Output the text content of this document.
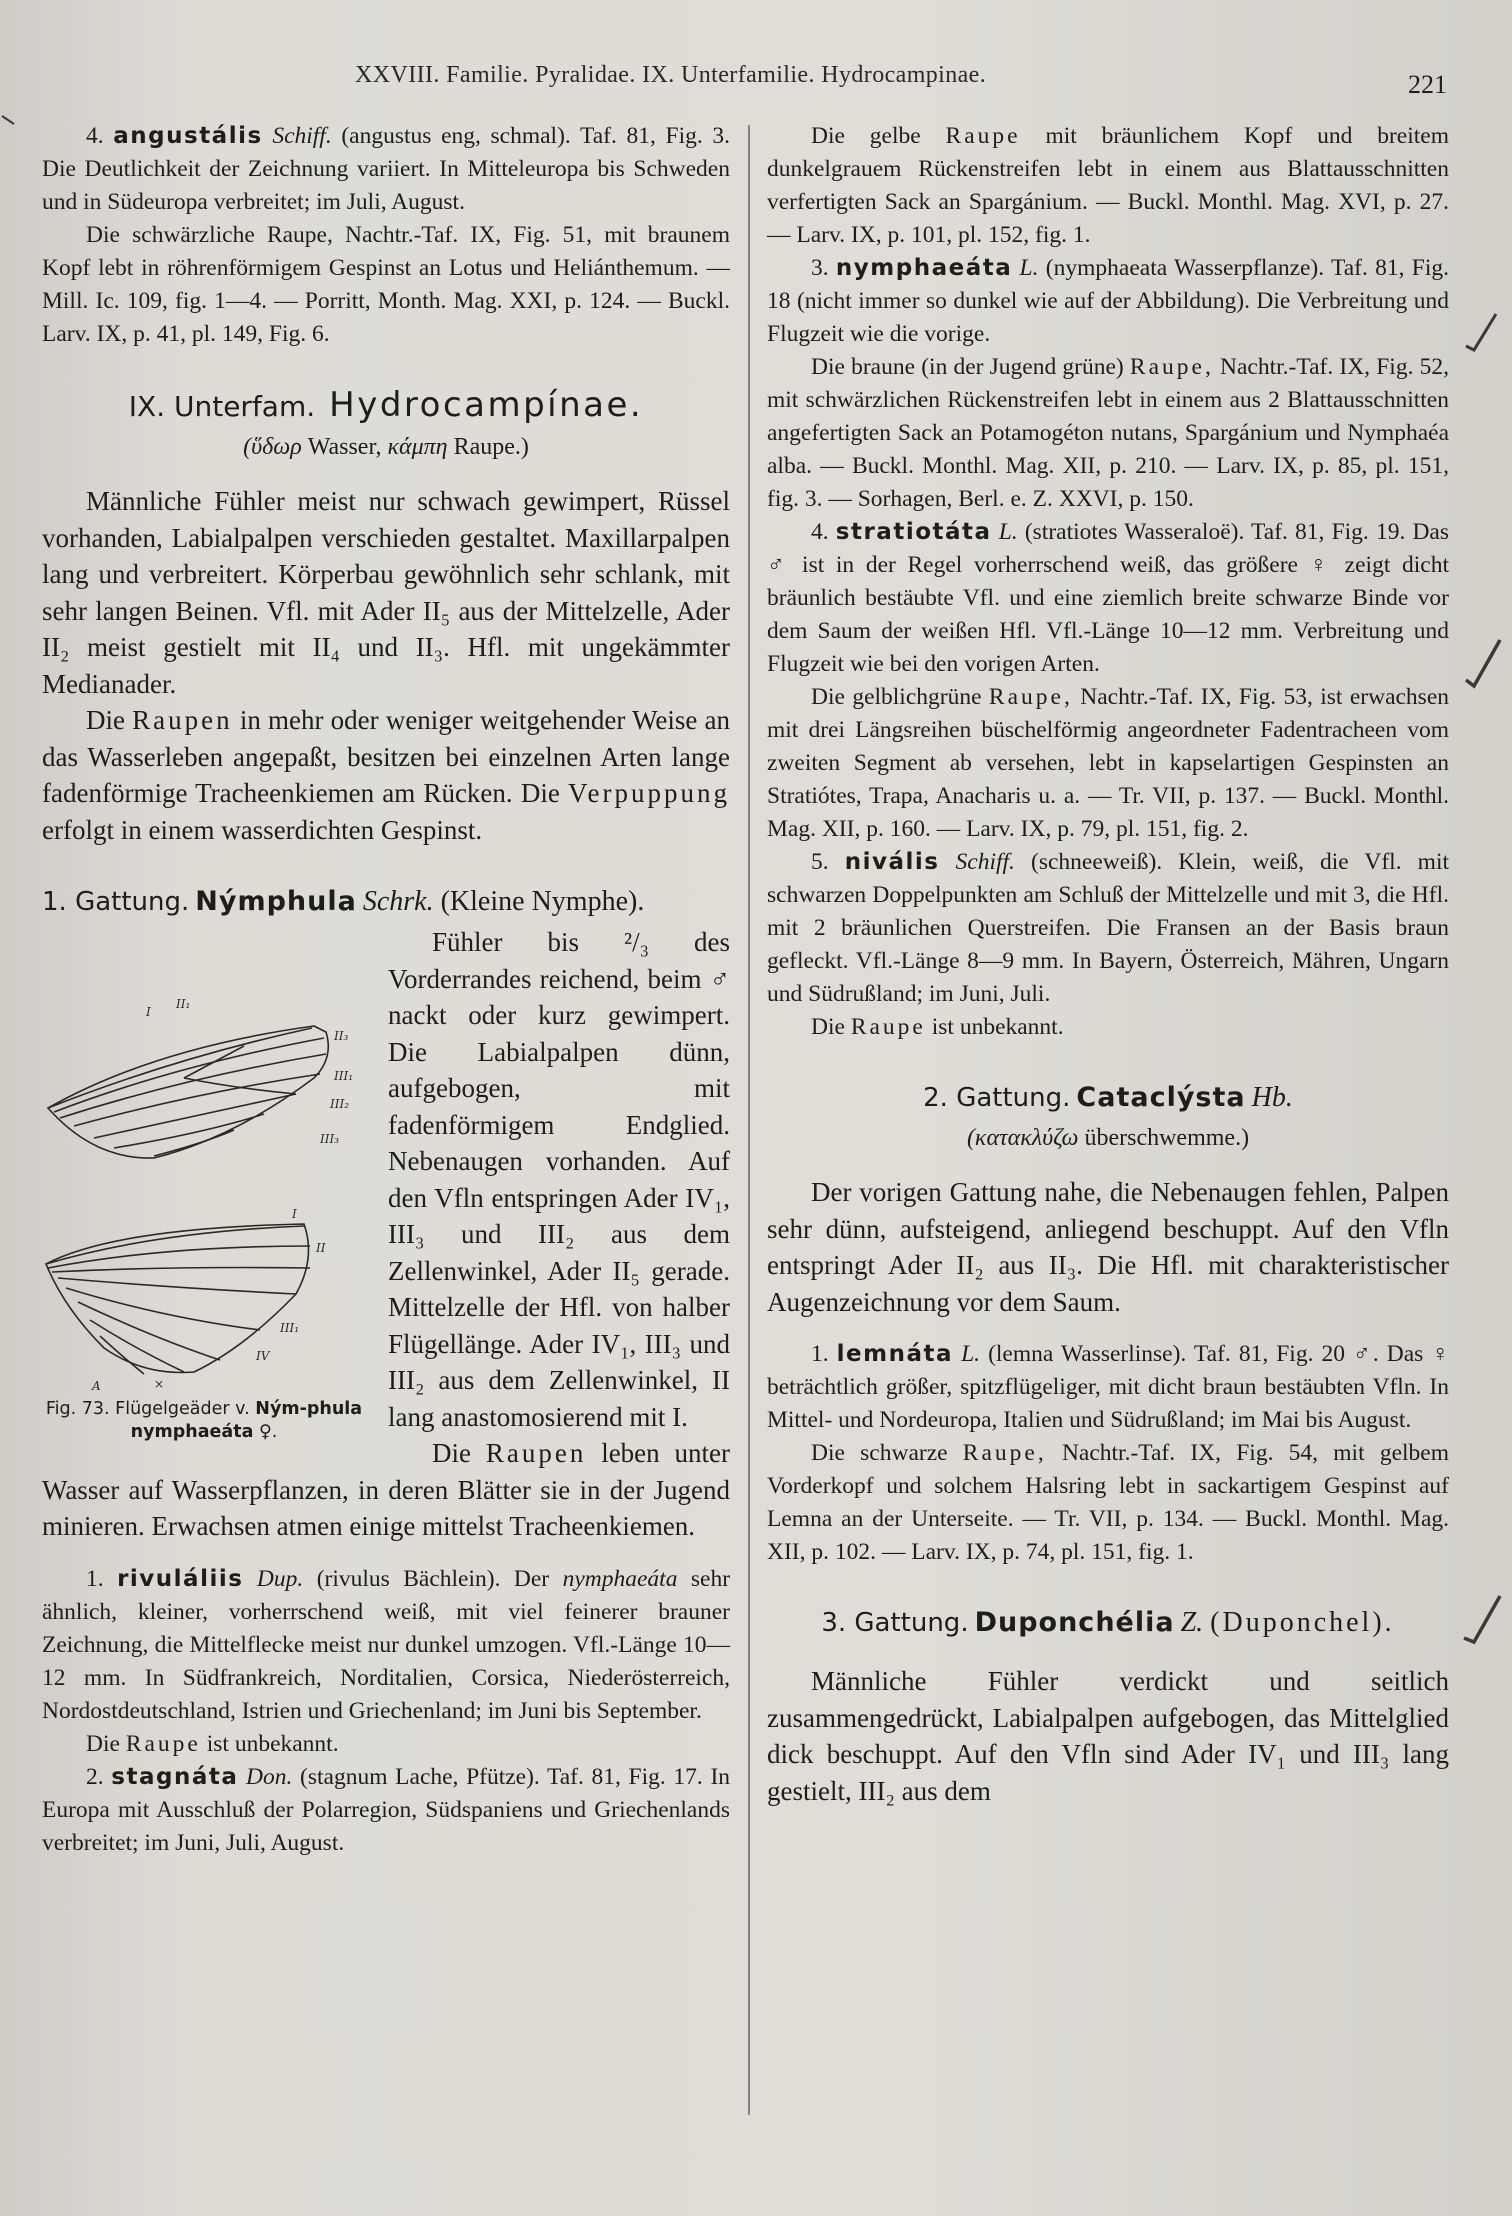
XXVIII. Familie. Pyralidae. IX. Unterfamilie. Hydrocampinae.	221

4. angustális Schiff. (angustus eng, schmal). Taf. 81, Fig. 3. Die Deutlichkeit der Zeichnung variiert. In Mitteleuropa bis Schweden und in Südeuropa verbreitet; im Juli, August.

Die schwärzliche Raupe, Nachtr.-Taf. IX, Fig. 51, mit braunem Kopf lebt in röhrenförmigem Gespinst an Lotus und Heliánthemum. — Mill. Ic. 109, fig. 1—4. — Porritt, Month. Mag. XXI, p. 124. — Buckl. Larv. IX, p. 41, pl. 149, Fig. 6.

IX. Unterfam. Hydrocampínae.

(ὕδωρ Wasser, κάμπη Raupe.)

Männliche Fühler meist nur schwach gewimpert, Rüssel vorhanden, Labialpalpen verschieden gestaltet. Maxillarpalpen lang und verbreitert. Körperbau gewöhnlich sehr schlank, mit sehr langen Beinen. Vfl. mit Ader II₅ aus der Mittelzelle, Ader II₂ meist gestielt mit II₄ und II₃. Hfl. mit ungekämmter Medianader.

Die Raupen in mehr oder weniger weitgehender Weise an das Wasserleben angepaßt, besitzen bei einzelnen Arten lange fadenförmige Tracheenkiemen am Rücken. Die Verpuppung erfolgt in einem wasserdichten Gespinst.

1. Gattung. Nýmphula Schrk. (Kleine Nymphe).

I
II₁
II₃
III₁
III₂
III₃
I
II
III₁
IV
A	×
Fig. 73. Flügelgeäder v. Ným-phula nymphaeáta ♀.

Fühler bis ²/₃ des Vorderrandes reichend, beim ♂ nackt oder kurz gewimpert. Die Labialpalpen dünn, aufgebogen, mit fadenförmigem Endglied. Nebenaugen vorhanden. Auf den Vfln entspringen Ader IV₁, III₃ und III₂ aus dem Zellenwinkel, Ader II₅ gerade. Mittelzelle der Hfl. von halber Flügellänge. Ader IV₁, III₃ und III₂ aus dem Zellenwinkel, II lang anastomosierend mit I.

Die Raupen leben unter Wasser auf Wasserpflanzen, in deren Blätter sie in der Jugend minieren. Erwachsen atmen einige mittelst Tracheenkiemen.

1. rivuláliis Dup. (rivulus Bächlein). Der nymphaeáta sehr ähnlich, kleiner, vorherrschend weiß, mit viel feinerer brauner Zeichnung, die Mittelflecke meist nur dunkel umzogen. Vfl.-Länge 10—12 mm. In Südfrankreich, Norditalien, Corsica, Niederösterreich, Nordostdeutschland, Istrien und Griechenland; im Juni bis September.

Die Raupe ist unbekannt.

2. stagnáta Don. (stagnum Lache, Pfütze). Taf. 81, Fig. 17. In Europa mit Ausschluß der Polarregion, Südspaniens und Griechenlands verbreitet; im Juni, Juli, August.

Die gelbe Raupe mit bräunlichem Kopf und breitem dunkelgrauem Rückenstreifen lebt in einem aus Blattausschnitten verfertigten Sack an Spargánium. — Buckl. Monthl. Mag. XVI, p. 27. — Larv. IX, p. 101, pl. 152, fig. 1.

3. nymphaeáta L. (nymphaeata Wasserpflanze). Taf. 81, Fig. 18 (nicht immer so dunkel wie auf der Abbildung). Die Verbreitung und Flugzeit wie die vorige.

Die braune (in der Jugend grüne) Raupe, Nachtr.-Taf. IX, Fig. 52, mit schwärzlichen Rückenstreifen lebt in einem aus 2 Blattausschnitten angefertigten Sack an Potamogéton nutans, Spargánium und Nymphaéa alba. — Buckl. Monthl. Mag. XII, p. 210. — Larv. IX, p. 85, pl. 151, fig. 3. — Sorhagen, Berl. e. Z. XXVI, p. 150.

4. stratiotáta L. (stratiotes Wasseraloë). Taf. 81, Fig. 19. Das ♂ ist in der Regel vorherrschend weiß, das größere ♀ zeigt dicht bräunlich bestäubte Vfl. und eine ziemlich breite schwarze Binde vor dem Saum der weißen Hfl. Vfl.-Länge 10—12 mm. Verbreitung und Flugzeit wie bei den vorigen Arten.

Die gelblichgrüne Raupe, Nachtr.-Taf. IX, Fig. 53, ist erwachsen mit drei Längsreihen büschelförmig angeordneter Fadentracheen vom zweiten Segment ab versehen, lebt in kapselartigen Gespinsten an Stratiótes, Trapa, Anacharis u. a. — Tr. VII, p. 137. — Buckl. Monthl. Mag. XII, p. 160. — Larv. IX, p. 79, pl. 151, fig. 2.

5. nivális Schiff. (schneeweiß). Klein, weiß, die Vfl. mit schwarzen Doppelpunkten am Schluß der Mittelzelle und mit 3, die Hfl. mit 2 bräunlichen Querstreifen. Die Fransen an der Basis braun gefleckt. Vfl.-Länge 8—9 mm. In Bayern, Österreich, Mähren, Ungarn und Südrußland; im Juni, Juli.

Die Raupe ist unbekannt.

2. Gattung. Cataclýsta Hb.

(κατακλύζω überschwemme.)

Der vorigen Gattung nahe, die Nebenaugen fehlen, Palpen sehr dünn, aufsteigend, anliegend beschuppt. Auf den Vfln entspringt Ader II₂ aus II₃. Die Hfl. mit charakteristischer Augenzeichnung vor dem Saum.

1. lemnáta L. (lemna Wasserlinse). Taf. 81, Fig. 20 ♂. Das ♀ beträchtlich größer, spitzflügeliger, mit dicht braun bestäubten Vfln. In Mittel- und Nordeuropa, Italien und Südrußland; im Mai bis August.

Die schwarze Raupe, Nachtr.-Taf. IX, Fig. 54, mit gelbem Vorderkopf und solchem Halsring lebt in sackartigem Gespinst auf Lemna an der Unterseite. — Tr. VII, p. 134. — Buckl. Monthl. Mag. XII, p. 102. — Larv. IX, p. 74, pl. 151, fig. 1.

3. Gattung. Duponchélia Z. (Duponchel).

Männliche Fühler verdickt und seitlich zusammengedrückt, Labialpalpen aufgebogen, das Mittelglied dick beschuppt. Auf den Vfln sind Ader IV₁ und III₃ lang gestielt, III₂ aus dem
